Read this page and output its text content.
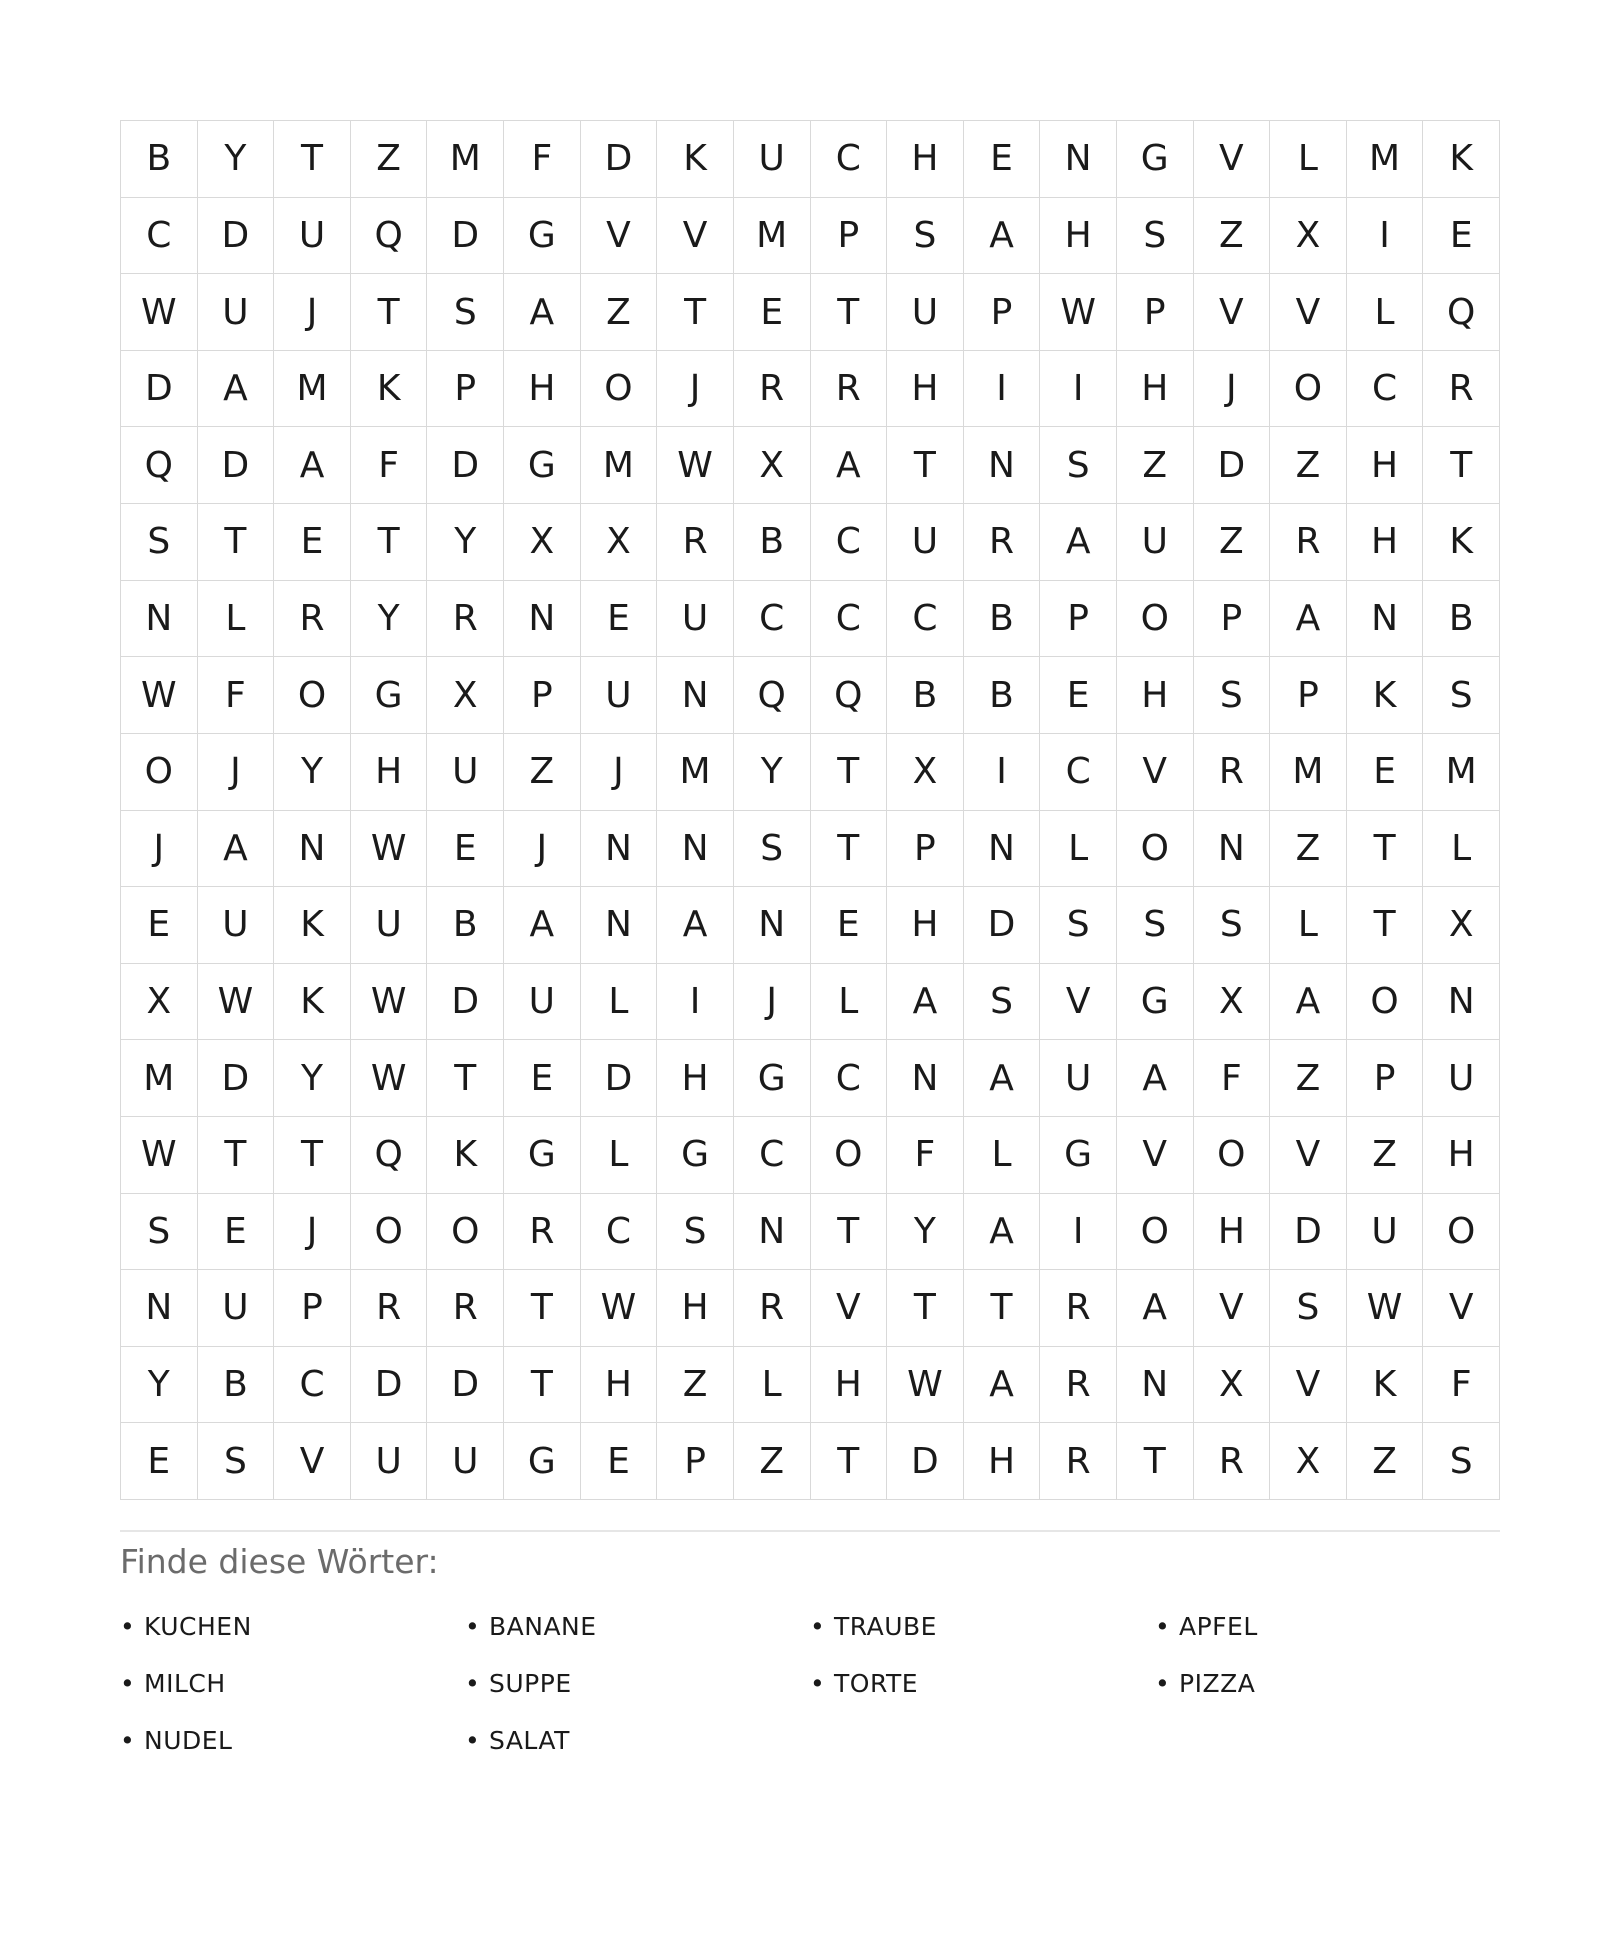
B	Y	T	Z	M	F	D	K	U	C	H	E	N	G	V	L	M	K
C	D	U	Q	D	G	V	V	M	P	S	A	H	S	Z	X	I	E
W	U	J	T	S	A	Z	T	E	T	U	P	W	P	V	V	L	Q
D	A	M	K	P	H	O	J	R	R	H	I	I	H	J	O	C	R
Q	D	A	F	D	G	M	W	X	A	T	N	S	Z	D	Z	H	T
S	T	E	T	Y	X	X	R	B	C	U	R	A	U	Z	R	H	K
N	L	R	Y	R	N	E	U	C	C	C	B	P	O	P	A	N	B
W	F	O	G	X	P	U	N	Q	Q	B	B	E	H	S	P	K	S
O	J	Y	H	U	Z	J	M	Y	T	X	I	C	V	R	M	E	M
J	A	N	W	E	J	N	N	S	T	P	N	L	O	N	Z	T	L
E	U	K	U	B	A	N	A	N	E	H	D	S	S	S	L	T	X
X	W	K	W	D	U	L	I	J	L	A	S	V	G	X	A	O	N
M	D	Y	W	T	E	D	H	G	C	N	A	U	A	F	Z	P	U
W	T	T	Q	K	G	L	G	C	O	F	L	G	V	O	V	Z	H
S	E	J	O	O	R	C	S	N	T	Y	A	I	O	H	D	U	O
N	U	P	R	R	T	W	H	R	V	T	T	R	A	V	S	W	V
Y	B	C	D	D	T	H	Z	L	H	W	A	R	N	X	V	K	F
E	S	V	U	U	G	E	P	Z	T	D	H	R	T	R	X	Z	S
Finde diese Wörter:
• KUCHEN	• BANANE	• TRAUBE	• APFEL
• MILCH	• SUPPE	• TORTE	• PIZZA
• NUDEL	• SALAT
